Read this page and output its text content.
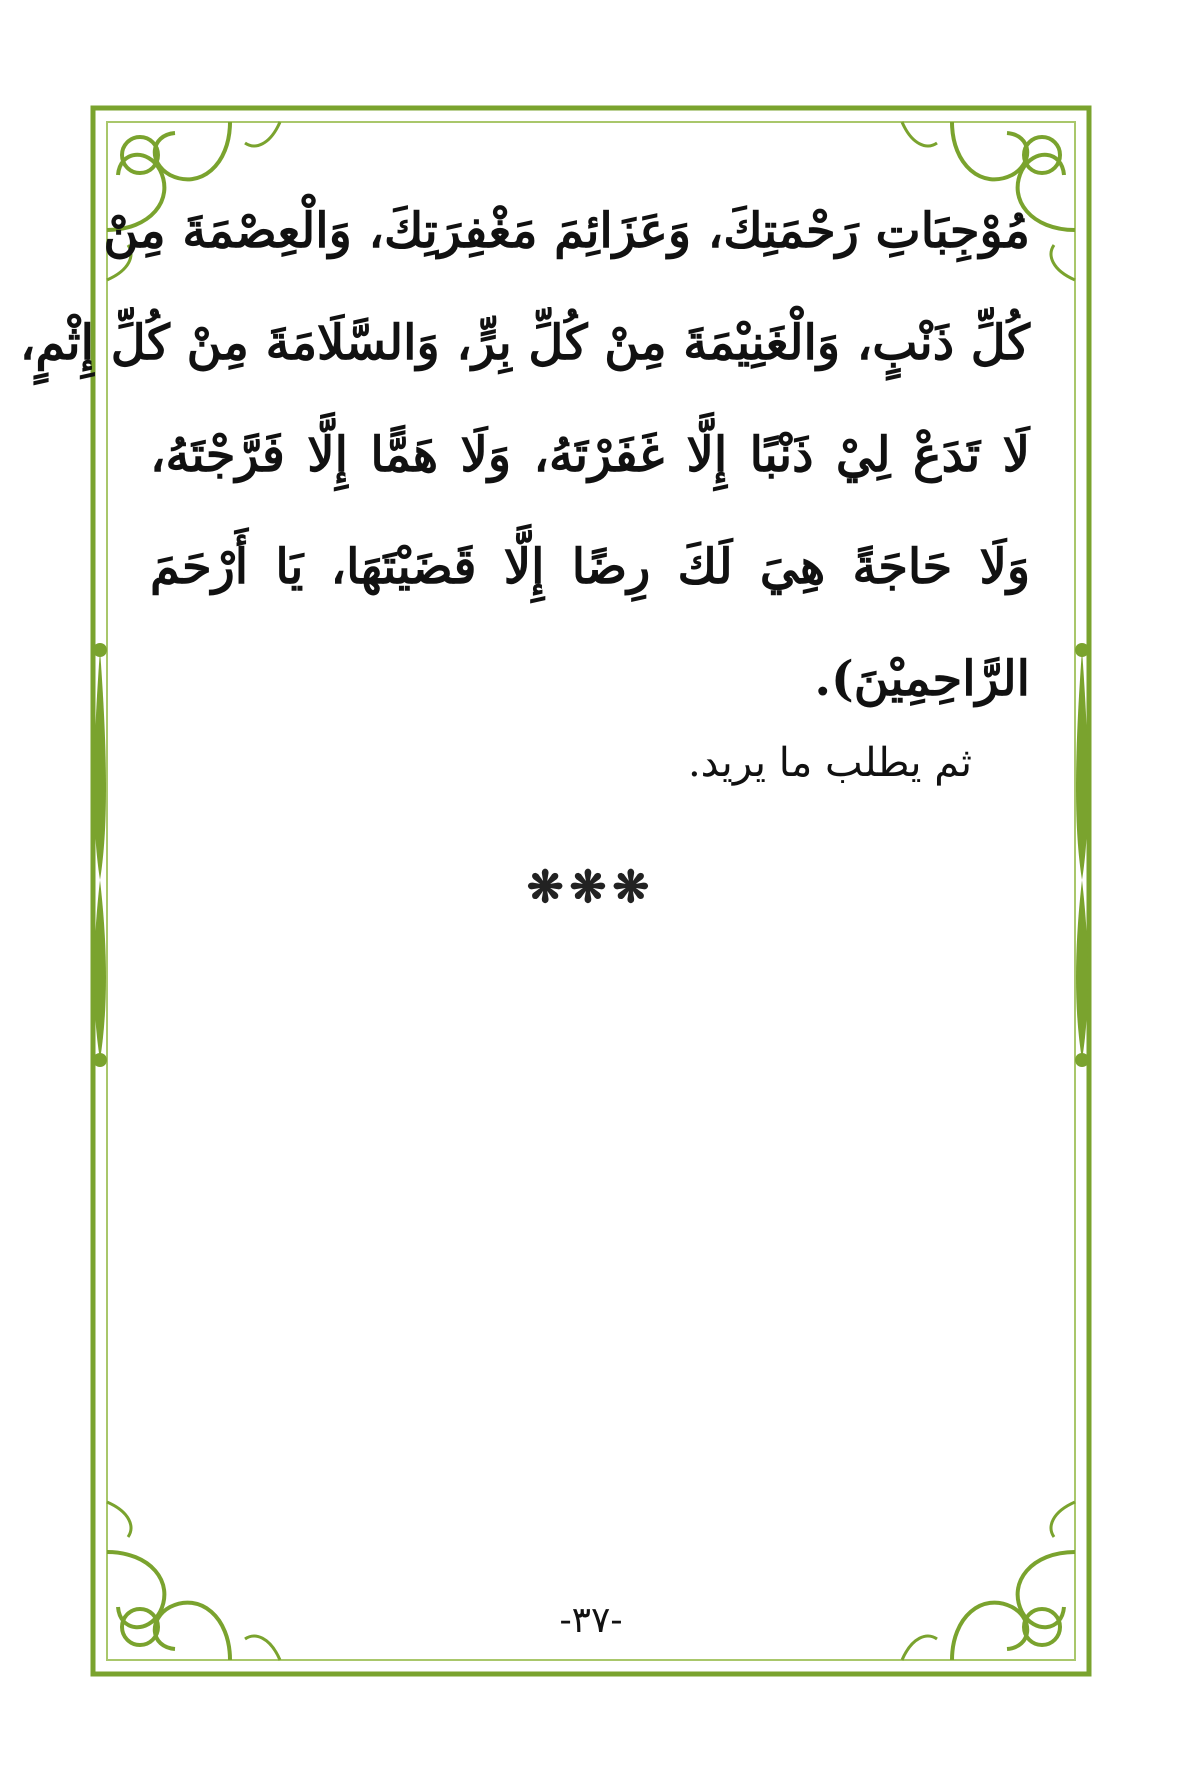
مُوْجِبَاتِ رَحْمَتِكَ، وَعَزَائِمَ مَغْفِرَتِكَ، وَالْعِصْمَةَ مِنْ
كُلِّ ذَنْبٍ، وَالْغَنِيْمَةَ مِنْ كُلِّ بِرٍّ، وَالسَّلَامَةَ مِنْ كُلِّ إِثْمٍ،
لَا تَدَعْ لِيْ ذَنْبًا إِلَّا غَفَرْتَهُ، وَلَا هَمًّا إِلَّا فَرَّجْتَهُ،
وَلَا حَاجَةً هِيَ لَكَ رِضًا إِلَّا قَضَيْتَهَا، يَا أَرْحَمَ
الرَّاحِمِيْنَ).
ثم يطلب ما يريد.
❋❋❋
-٣٧-
